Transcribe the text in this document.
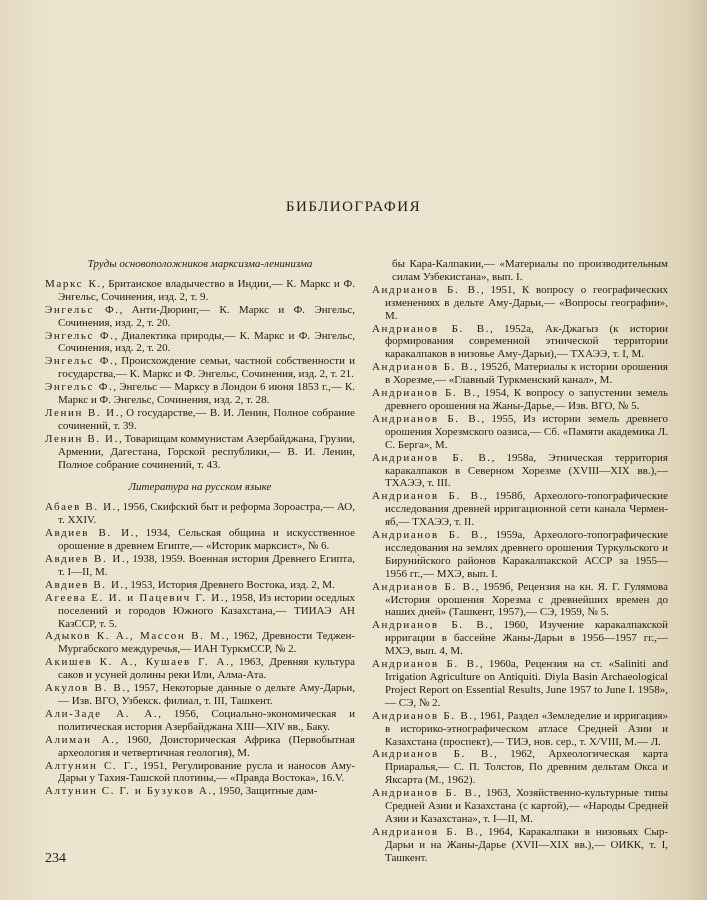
БИБЛИОГРАФИЯ

Труды основоположников марксизма-ленинизма

Маркс К., Британское владычество в Индии,— К. Маркс и Ф. Энгельс, Сочинения, изд. 2, т. 9.

Энгельс Ф., Анти-Дюринг,— К. Маркс и Ф. Энгельс, Сочинения, изд. 2, т. 20.

Энгельс Ф., Диалектика природы,— К. Маркс и Ф. Энгельс, Сочинения, изд. 2, т. 20.

Энгельс Ф., Происхождение семьи, частной собственности и государства,— К. Маркс и Ф. Энгельс, Сочинения, изд. 2, т. 21.

Энгельс Ф., Энгельс — Марксу в Лондон 6 июня 1853 г.,— К. Маркс и Ф. Энгельс, Сочинения, изд. 2, т. 28.

Ленин В. И., О государстве,— В. И. Ленин, Полное собрание сочинений, т. 39.

Ленин В. И., Товарищам коммунистам Азербайджана, Грузии, Армении, Дагестана, Горской республики,— В. И. Ленин, Полное собрание сочинений, т. 43.

Литература на русском языке

Абаев В. И., 1956, Скифский быт и реформа Зороастра,— АО, т. XXIV.

Авдиев В. И., 1934, Сельская община и искусственное орошение в древнем Египте,— «Историк марксист», № 6.

Авдиев В. И., 1938, 1959. Военная история Древнего Египта, т. I—II, М.

Авдиев В. И., 1953, История Древнего Востока, изд. 2, М.

Агеева Е. И. и Пацевич Г. И., 1958, Из истории оседлых поселений и городов Южного Казахстана,— ТИИАЭ АН КазССР, т. 5.

Адыков К. А., Массон В. М., 1962, Древности Теджен-Мургабского междуречья,— ИАН ТуркмССР, № 2.

Акишев К. А., Кушаев Г. А., 1963, Древняя культура саков и усуней долины реки Или, Алма-Ата.

Акулов В. В., 1957, Некоторые данные о дельте Аму-Дарьи,— Изв. ВГО, Узбекск. филиал, т. III, Ташкент.

Али-Заде А. А., 1956, Социально-экономическая и политическая история Азербайджана XIII—XIV вв., Баку.

Алиман А., 1960, Доисторическая Африка (Первобытная археология и четвертичная геология), М.

Алтунин С. Г., 1951, Регулирование русла и наносов Аму-Дарьи у Тахия-Ташской плотины,— «Правда Востока», 16.V.

Алтунин С. Г. и Бузуков А., 1950, Защитные дам-

бы Кара-Калпакии,— «Материалы по производительным силам Узбекистана», вып. I.

Андрианов Б. В., 1951, К вопросу о географических изменениях в дельте Аму-Дарьи,— «Вопросы географии», М.

Андрианов Б. В., 1952а, Ак-Джагыз (к истории формирования современной этнической территории каракалпаков в низовье Аму-Дарьи),— ТХАЭЭ, т. I, М.

Андрианов Б. В., 1952б, Материалы к истории орошения в Хорезме,— «Главный Туркменский канал», М.

Андрианов Б. В., 1954, К вопросу о запустении земель древнего орошения на Жаны-Дарье,— Изв. ВГО, № 5.

Андрианов Б. В., 1955, Из истории земель древнего орошения Хорезмского оазиса,— Сб. «Памяти академика Л. С. Берга», М.

Андрианов Б. В., 1958а, Этническая территория каракалпаков в Северном Хорезме (XVIII—XIX вв.),— ТХАЭЭ, т. III.

Андрианов Б. В., 1958б, Археолого-топографические исследования древней ирригационной сети канала Чермен-яб,— ТХАЭЭ, т. II.

Андрианов Б. В., 1959а, Археолого-топографические исследования на землях древнего орошения Туркульского и Бируни́йского районов Каракалпакской АССР за 1955—1956 гг.,— МХЭ, вып. I.

Андрианов Б. В., 1959б, Рецензия на кн. Я. Г. Гулямова «История орошения Хорезма с древнейших времен до наших дней» (Ташкент, 1957),— СЭ, 1959, № 5.

Андрианов Б. В., 1960, Изучение каракалпакской ирригации в бассейне Жаны-Дарьи в 1956—1957 гг.,— МХЭ, вып. 4, М.

Андрианов Б. В., 1960а, Рецензия на ст. «Saliniti and Irrigation Agriculture on Antiquiti. Diyla Basin Archaeological Project Report on Essential Results, June 1957 to June I. 1958»,— СЭ, № 2.

Андрианов Б. В., 1961, Раздел «Земледелие и ирригация» в историко-этнографическом атласе Средней Азии и Казахстана (проспект),— ТИЭ, нов. сер., т. X/VIII, М.— Л.

Андрианов Б. В., 1962, Археологическая карта Приаралья,— С. П. Толстов, По древним дельтам Окса и Яксарта (М., 1962).

Андрианов Б. В., 1963, Хозяйственно-культурные типы Средней Азии и Казахстана (с картой),— «Народы Средней Азии и Казахстана», т. I—II, М.

Андрианов Б. В., 1964, Каракалпаки в низовьях Сыр-Дарьи и на Жаны-Дарье (XVII—XIX вв.),— ОИКК, т. I, Ташкент.

234
